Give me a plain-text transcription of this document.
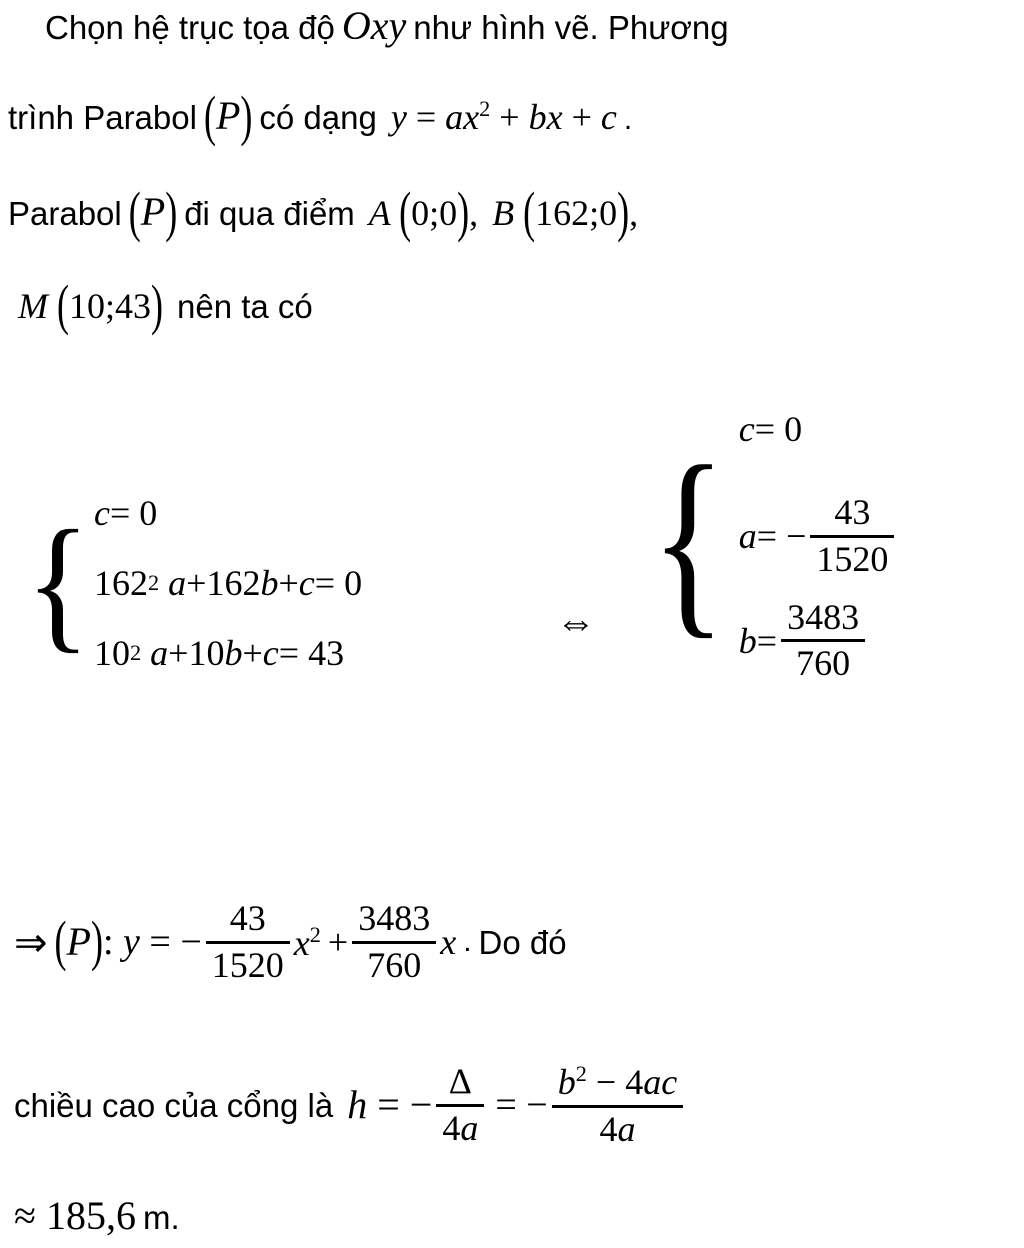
Chọn hệ trục tọa độ Oxy như hình vẽ. Phương
trình Parabol ( P ) có dạng $y = ax^2$ + bx + c .
Parabol ( P ) đi qua điểm A (0;0), B (162;0),
M (10;43) nên ta có
{ c = 0
162 2 a +162 b + c = 0
10 2 a +10 b + c = 43
⇔ { c = 0
a = − $\frac{43}{1520}$
$b = \frac{3483}{760}$
⇒ ( P ) : y = − $\frac{43}{1520} x^2 + \frac{3483}{760}$ x . Do đó
chiều cao của cổng là h = − $\frac{\Delta}{4a}$ = − $\frac{b^2 - 4ac}{4a}$
≈ 185,6 m.
